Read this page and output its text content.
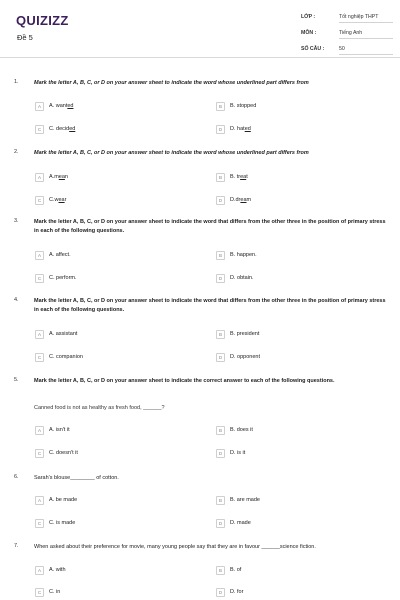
QUIZIZZ
Đề 5
LỚP :	Tốt nghiệp THPT
MÔN :	Tiếng Anh
SỐ CÂU :	50
1.	Mark the letter A, B, C, or D on your answer sheet to indicate the word whose underlined part differs from
A	A. wanted	B	B. stopped
C	C. decided	D	D. hated
2.	Mark the letter A, B, C, or D on your answer sheet to indicate the word whose underlined part differs from
A	A.mean	B	B. treat
C	C.wear	D	D.dream
3.	Mark the letter A, B, C, or D on your answer sheet to indicate the word that differs from the other three in the position of primary stress in each of the following questions.
A	A. affect.	B	B. happen.
C	C. perform.	D	D. obtain.
4.	Mark the letter A, B, C, or D on your answer sheet to indicate the word that differs from the other three in the position of primary stress in each of the following questions.
A	A. assistant	B	B. president
C	C. companion	D	D. opponent
5.	Mark the letter A, B, C, or D on your answer sheet to indicate the correct answer to each of the following questions.
Canned food is not as healthy as fresh food, ______?
A	A. isn't it	B	B. does it
C	C. doesn't it	D	D. is it
6.	Sarah's blouse________ of cotton.
A	A. be made	B	B. are made
C	C. is made	D	D. made
7.	When asked about their preference for movie, many young people say that they are in favour ______science fiction.
A	A. with	B	B. of
C	C. in	D	D. for
